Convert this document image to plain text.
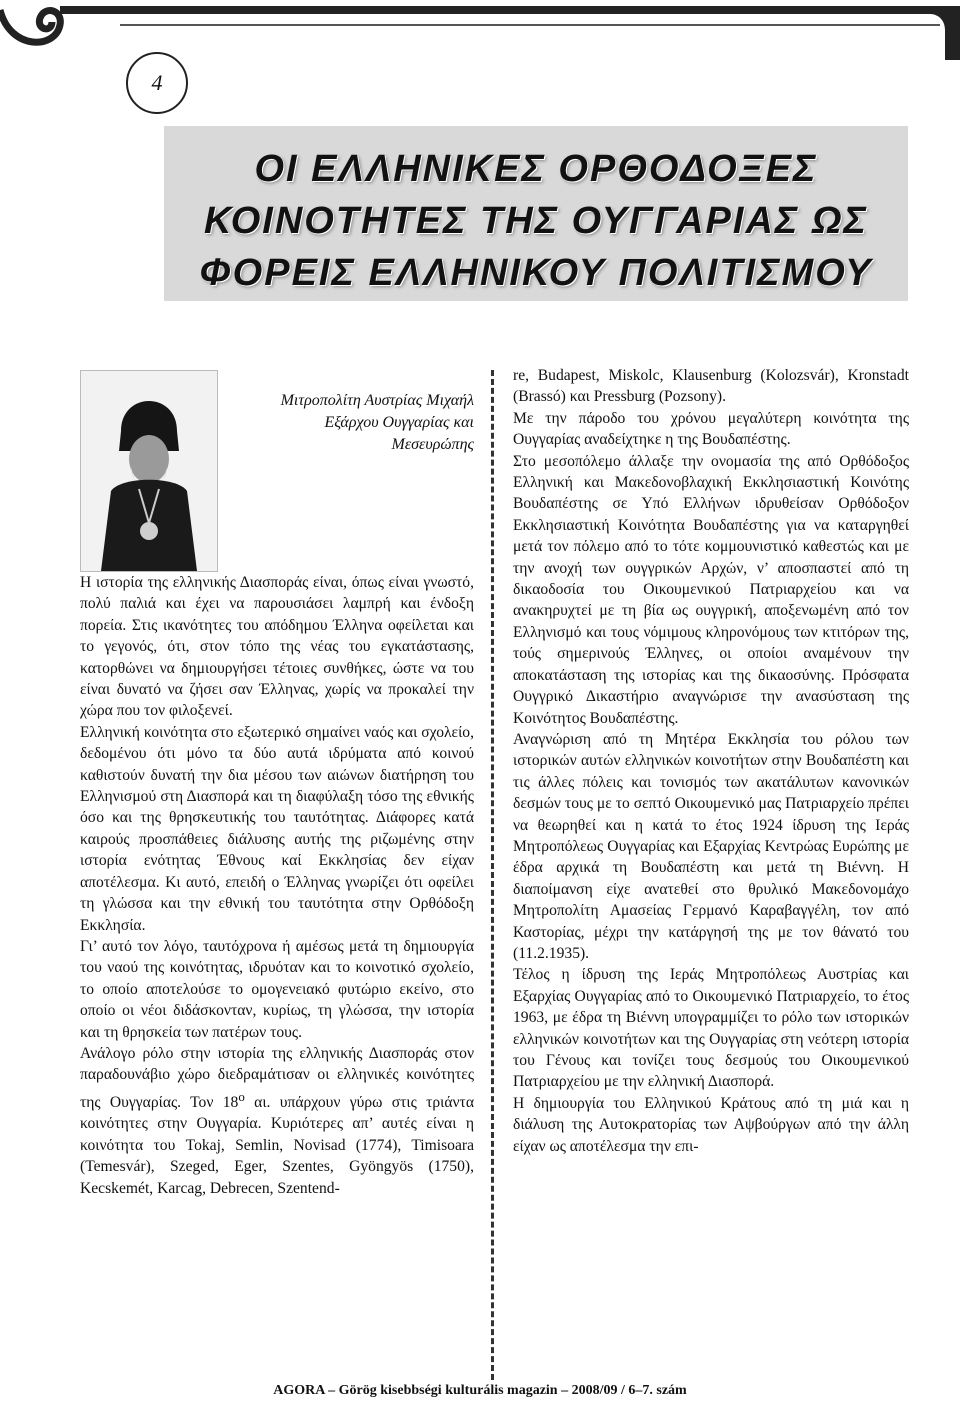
4
ΟΙ ΕΛΛΗΝΙΚΕΣ ΟΡΘΟΔΟΞΕΣ
ΚΟΙΝΟΤΗΤΕΣ ΤΗΣ ΟΥΓΓΑΡΙΑΣ ΩΣ
ΦΟΡΕΙΣ ΕΛΛΗΝΙΚΟΥ ΠΟΛΙΤΙΣΜΟΥ
Μιτροπολίτη Αυστρίας Μιχαήλ
Εξάρχου Ουγγαρίας και
Μεσευρώπης

Η ιστορία της ελληνικής Διασποράς είναι, όπως είναι γνωστό, πολύ παλιά και έχει να παρουσιάσει λαμπρή και ένδοξη πορεία. Στις ικανότητες του απόδημου Έλληνα οφείλεται και το γεγονός, ότι, στον τόπο της νέας του εγκατάστασης, κατορθώνει να δημιουργήσει τέτοιες συνθήκες, ώστε να του είναι δυνατό να ζήσει σαν Έλληνας, χωρίς να προκαλεί την χώρα που τον φιλοξενεί.

Ελληνική κοινότητα στο εξωτερικό σημαίνει ναός και σχολείο, δεδομένου ότι μόνο τα δύο αυτά ιδρύματα από κοινού καθιστούν δυνατή την δια μέσου των αιώνων διατήρηση του Ελληνισμού στη Διασπορά και τη διαφύλαξη τόσο της εθνικής όσο και της θρησκευτικής του ταυτότητας. Διάφορες κατά καιρούς προσπάθειες διάλυσης αυτής της ριζωμένης στην ιστορία ενότητας Έθνους καί Εκκλησίας δεν είχαν αποτέλεσμα. Κι αυτό, επειδή ο Έλληνας γνωρίζει ότι οφείλει τη γλώσσα και την εθνική του ταυτότητα στην Ορθόδοξη Εκκλησία.

Γι’ αυτό τον λόγο, ταυτόχρονα ή αμέσως μετά τη δημιουργία του ναού της κοινότητας, ιδρυόταν και το κοινοτικό σχολείο, το οποίο αποτελούσε το ομογενειακό φυτώριο εκείνο, στο οποίο οι νέοι διδάσκονταν, κυρίως, τη γλώσσα, την ιστορία και τη θρησκεία των πατέρων τους.

Ανάλογο ρόλο στην ιστορία της ελληνικής Διασποράς στον παραδουνάβιο χώρο διεδραμάτισαν οι ελληνικές κοινότητες της Ουγγαρίας. Τον $18^o$ αι. υπάρχουν γύρω στις τριάντα κοινότητες στην Ουγγαρία. Κυριότερες απ’ αυτές είναι η κοινότητα του Tokaj, Semlin, Novisad (1774), Timisoara (Temesvár), Szeged, Eger, Szentes, Gyöngyös (1750), Kecskemét, Karcag, Debrecen, Szentend-

re, Budapest, Miskolc, Klausenburg (Kolozsvár), Kronstadt (Brassó) και Pressburg (Pozsony).

Με την πάροδο του χρόνου μεγαλύτερη κοινότητα της Ουγγαρίας αναδείχτηκε η της Βουδαπέστης.

Στο μεσοπόλεμο άλλαξε την ονομασία της από Ορθόδοξος Ελληνική και Μακεδονοβλαχική Εκκλησιαστική Κοινότης Βουδαπέστης σε Υπό Ελλήνων ιδρυθείσαν Ορθόδοξον Εκκλησιαστική Κοινότητα Βουδαπέστης για να καταργηθεί μετά τον πόλεμο από το τότε κομμουνιστικό καθεστώς και με την ανοχή των ουγγρικών Αρχών, ν’ αποσπαστεί από τη δικαοδοσία του Οικουμενικού Πατριαρχείου και να ανακηρυχτεί με τη βία ως ουγγρική, αποξενωμένη από τον Ελληνισμό και τους νόμιμους κληρονόμους των κτιτόρων της, τούς σημερινούς Έλληνες, οι οποίοι αναμένουν την αποκατάσταση της ιστορίας και της δικαοσύνης. Πρόσφατα Ουγγρικό Δικαστήριο αναγνώρισε την ανασύσταση της Κοινότητος Βουδαπέστης.

Αναγνώριση από τη Μητέρα Εκκλησία του ρόλου των ιστορικών αυτών ελληνικών κοινοτήτων στην Βουδαπέστη και τις άλλες πόλεις και τονισμός των ακατάλυτων κανονικών δεσμών τους με το σεπτό Οικουμενικό μας Πατριαρχείο πρέπει να θεωρηθεί και η κατά το έτος 1924 ίδρυση της Ιεράς Μητροπόλεως Ουγγαρίας και Εξαρχίας Κεντρώας Ευρώπης με έδρα αρχικά τη Βουδαπέστη και μετά τη Βιέννη. Η διαποίμανση είχε ανατεθεί στο θρυλικό Μακεδονομάχο Μητροπολίτη Αμασείας Γερμανό Καραβαγγέλη, τον από Καστορίας, μέχρι την κατάργησή της με τον θάνατό του (11.2.1935).

Τέλος η ίδρυση της Ιεράς Μητροπόλεως Αυστρίας και Εξαρχίας Ουγγαρίας από το Οικουμενικό Πατριαρχείο, το έτος 1963, με έδρα τη Βιέννη υπογραμμίζει το ρόλο των ιστορικών ελληνικών κοινοτήτων και της Ουγγαρίας στη νεότερη ιστορία του Γένους και τονίζει τους δεσμούς του Οικουμενικού Πατριαρχείου με την ελληνική Διασπορά.

Η δημιουργία του Ελληνικού Κράτους από τη μιά και η διάλυση της Αυτοκρατορίας των Αψβούργων από την άλλη είχαν ως αποτέλεσμα την επι-

AGORA – Görög kisebbségi kulturális magazin – 2008/09 / 6–7. szám
